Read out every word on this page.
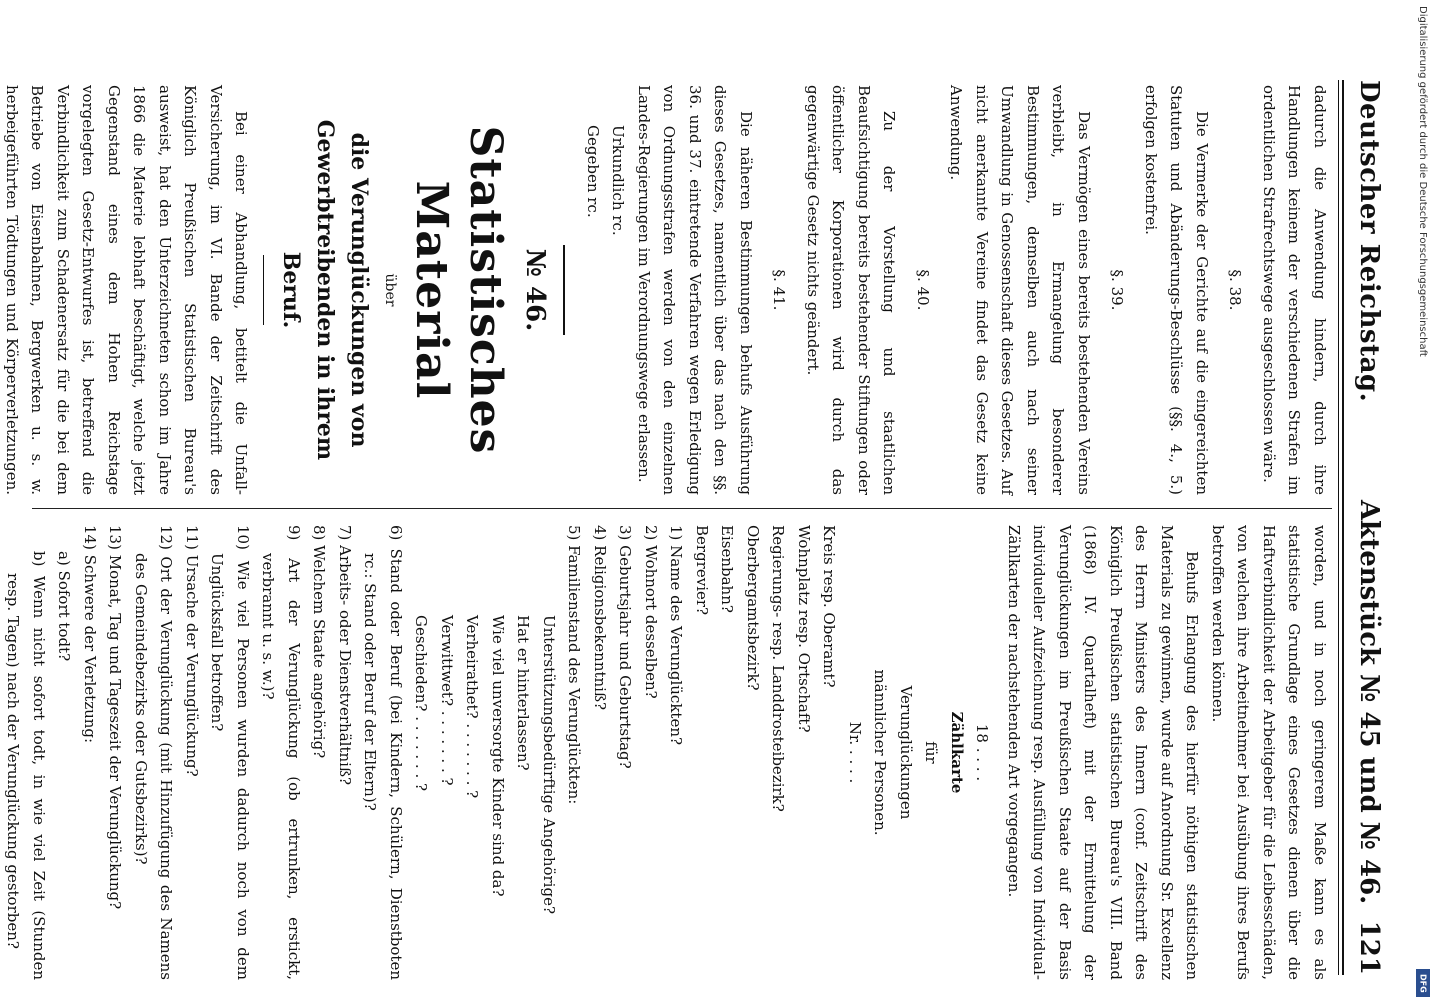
Deutscher Reichstag.
Aktenstück № 45 und № 46.
121

dadurch die Anwendung hindern, durch ihre Handlungen keinem der verschiedenen Strafen im ordentlichen Strafrechtswege ausgeschlossen wäre.

§. 38.

Die Vermerke der Gerichte auf die eingereichten Statuten und Abänderungs-Beschlüsse (§§. 4., 5.) erfolgen kostenfrei.

§. 39.

Das Vermögen eines bereits bestehenden Vereins verbleibt, in Ermangelung besonderer Bestimmungen, demselben auch nach seiner Umwandlung in Genossenschaft dieses Gesetzes. Auf nicht anerkannte Vereine findet das Gesetz keine Anwendung.

§. 40.

Zu der Vorstellung und staatlichen Beaufsichtigung bereits bestehender Stiftungen oder öffentlicher Korporationen wird durch das gegenwärtige Gesetz nichts geändert.

§. 41.

Die näheren Bestimmungen behufs Ausführung dieses Gesetzes, namentlich über das nach den §§. 36. und 37. eintretende Verfahren wegen Erledigung von Ordnungsstrafen werden von den einzelnen Landes-Regierungen im Verordnungswege erlassen.

Urkundlich rc.

Gegeben rc.

№ 46.
Statistisches Material
über
die Verunglückungen von Gewerbtreibenden in ihrem Beruf.

Bei einer Abhandlung, betitelt die Unfall-Versicherung, im VI. Bande der Zeitschrift des Königlich Preußischen Statistischen Bureau's ausweist, hat den Unterzeichneten schon im Jahre 1866 die Materie lebhaft beschäftigt, welche jetzt Gegenstand eines dem Hohen Reichstage vorgelegten Gesetz-Entwurfes ist, betreffend die Verbindlichkeit zum Schadenersatz für die bei dem Betriebe von Eisenbahnen, Bergwerken u. s. w. herbeigeführten Tödtungen und Körperverletzungen.

worden, und in noch geringerem Maße kann es als statistische Grundlage eines Gesetzes dienen über die Haftverbindlichkeit der Arbeitgeber für die Leibesschäden, von welchen ihre Arbeitnehmer bei Ausübung ihres Berufs betroffen werden können.

Behufs Erlangung des hierfür nöthigen statistischen Materials zu gewinnen, wurde auf Anordnung Sr. Excellenz des Herrn Ministers des Innern (conf. Zeitschrift des Königlich Preußischen statistischen Bureau's VIII. Band (1868) IV. Quartalheft) mit der Ermittelung der Verunglückungen im Preußischen Staate auf der Basis individueller Aufzeichnung resp. Ausfüllung von Individual-Zählkarten der nachstehenden Art vorgegangen.

18 . . . .
Zählkarte
für
Verunglückungen
männlicher Personen.
Nr. . . . .

Kreis resp. Oberamt?

Wohnplatz resp. Ortschaft?

Regierungs- resp. Landdrosteibezirk?

Oberbergamtsbezirk?

Eisenbahn?

Bergrevier?

1) Name des Verunglückten?

2) Wohnort desselben?

3) Geburtsjahr und Geburtstag?

4) Religionsbekenntniß?

5) Familienstand des Verunglückten:

Unterstützungsbedürftige Angehörige?

Hat er hinterlassen?

Wie viel unversorgte Kinder sind da?

Verheirathet? . . . . . . . ?

Verwittwet? . . . . . . . ?

Geschieden? . . . . . . . ?

6) Stand oder Beruf (bei Kindern, Schülern, Dienstboten rc.: Stand oder Beruf der Eltern)?

7) Arbeits- oder Dienstverhältniß?

8) Welchem Staate angehörig?

9) Art der Verunglückung (ob ertrunken, erstickt, verbrannt u. s. w.)?

10) Wie viel Personen wurden dadurch noch von dem Unglücksfall betroffen?

11) Ursache der Verunglückung?

12) Ort der Verunglückung (mit Hinzufügung des Namens des Gemeindebezirks oder Gutsbezirks)?

13) Monat, Tag und Tageszeit der Verunglückung?

14) Schwere der Verletzung:

a) Sofort todt?

b) Wenn nicht sofort todt, in wie viel Zeit (Stunden resp. Tagen) nach der Verunglückung gestorben?

Digitalisierung gefördert durch die Deutsche Forschungsgemeinschaft
DFG
